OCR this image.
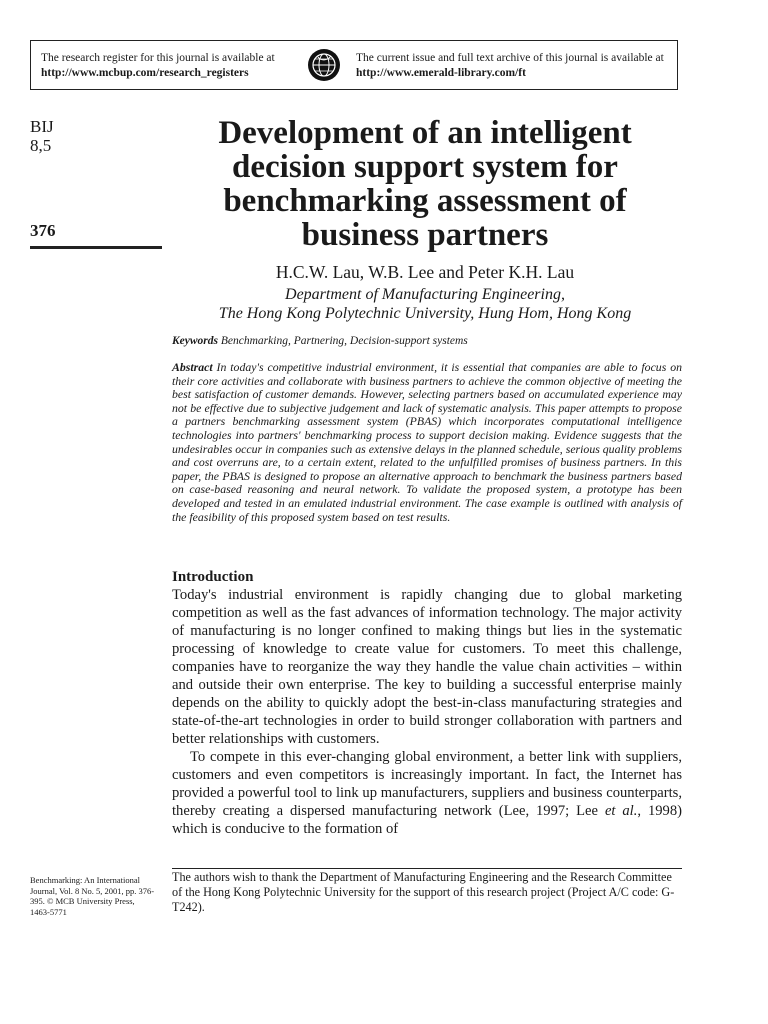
The research register for this journal is available at
http://www.mcbup.com/research_registers
The current issue and full text archive of this journal is available at
http://www.emerald-library.com/ft
BIJ
8,5
376
Development of an intelligent decision support system for benchmarking assessment of business partners
H.C.W. Lau, W.B. Lee and Peter K.H. Lau
Department of Manufacturing Engineering,
The Hong Kong Polytechnic University, Hung Hom, Hong Kong
Keywords Benchmarking, Partnering, Decision-support systems
Abstract In today's competitive industrial environment, it is essential that companies are able to focus on their core activities and collaborate with business partners to achieve the common objective of meeting the best satisfaction of customer demands. However, selecting partners based on accumulated experience may not be effective due to subjective judgement and lack of systematic analysis. This paper attempts to propose a partners benchmarking assessment system (PBAS) which incorporates computational intelligence technologies into partners' benchmarking process to support decision making. Evidence suggests that the undesirables occur in companies such as extensive delays in the planned schedule, serious quality problems and cost overruns are, to a certain extent, related to the unfulfilled promises of business partners. In this paper, the PBAS is designed to propose an alternative approach to benchmark the business partners based on case-based reasoning and neural network. To validate the proposed system, a prototype has been developed and tested in an emulated industrial environment. The case example is outlined with analysis of the feasibility of this proposed system based on test results.
Introduction

Today's industrial environment is rapidly changing due to global marketing competition as well as the fast advances of information technology. The major activity of manufacturing is no longer confined to making things but lies in the systematic processing of knowledge to create value for customers. To meet this challenge, companies have to reorganize the way they handle the value chain activities – within and outside their own enterprise. The key to building a successful enterprise mainly depends on the ability to quickly adopt the best-in-class manufacturing strategies and state-of-the-art technologies in order to build stronger collaboration with partners and better relationships with customers.

To compete in this ever-changing global environment, a better link with suppliers, customers and even competitors is increasingly important. In fact, the Internet has provided a powerful tool to link up manufacturers, suppliers and business counterparts, thereby creating a dispersed manufacturing network (Lee, 1997; Lee et al., 1998) which is conducive to the formation of

The authors wish to thank the Department of Manufacturing Engineering and the Research Committee of the Hong Kong Polytechnic University for the support of this research project (Project A/C code: G-T242).
Benchmarking: An International Journal, Vol. 8 No. 5, 2001, pp. 376-395. © MCB University Press, 1463-5771
